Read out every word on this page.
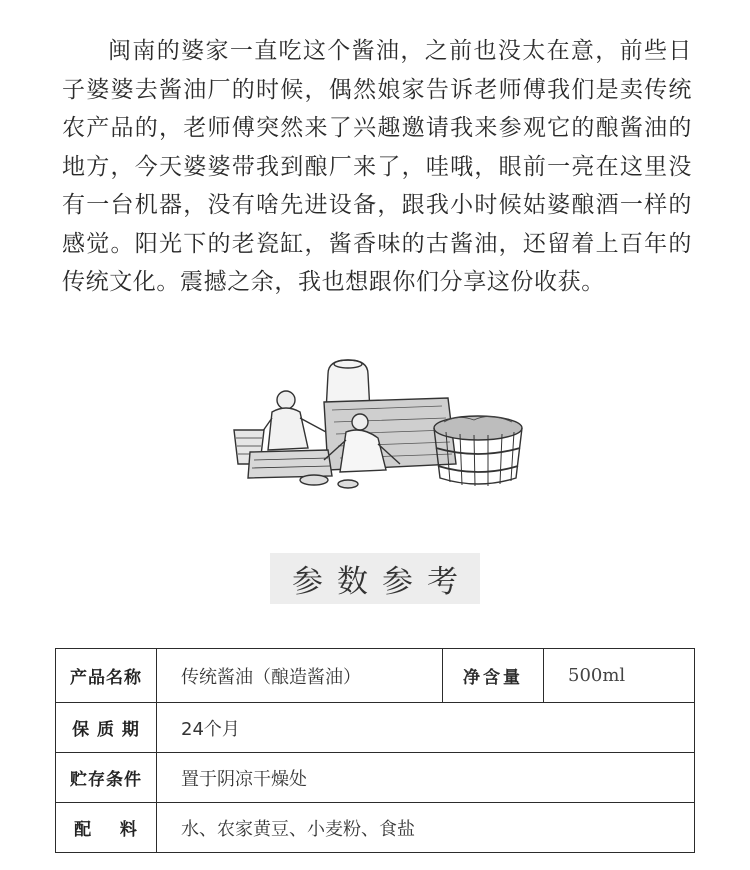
闽南的婆家一直吃这个酱油，之前也没太在意，前些日子婆婆去酱油厂的时候，偶然娘家告诉老师傅我们是卖传统农产品的，老师傅突然来了兴趣邀请我来参观它的酿酱油的地方，今天婆婆带我到酿厂来了，哇哦，眼前一亮在这里没有一台机器，没有啥先进设备，跟我小时候姑婆酿酒一样的感觉。阳光下的老瓷缸，酱香味的古酱油，还留着上百年的传统文化。震撼之余，我也想跟你们分享这份收获。

参数参考
产品名称	传统酱油（酿造酱油）	净含量	500ml
保 质 期	24个月		
贮存条件	置于阴凉干燥处		
配    料	水、农家黄豆、小麦粉、食盐		
